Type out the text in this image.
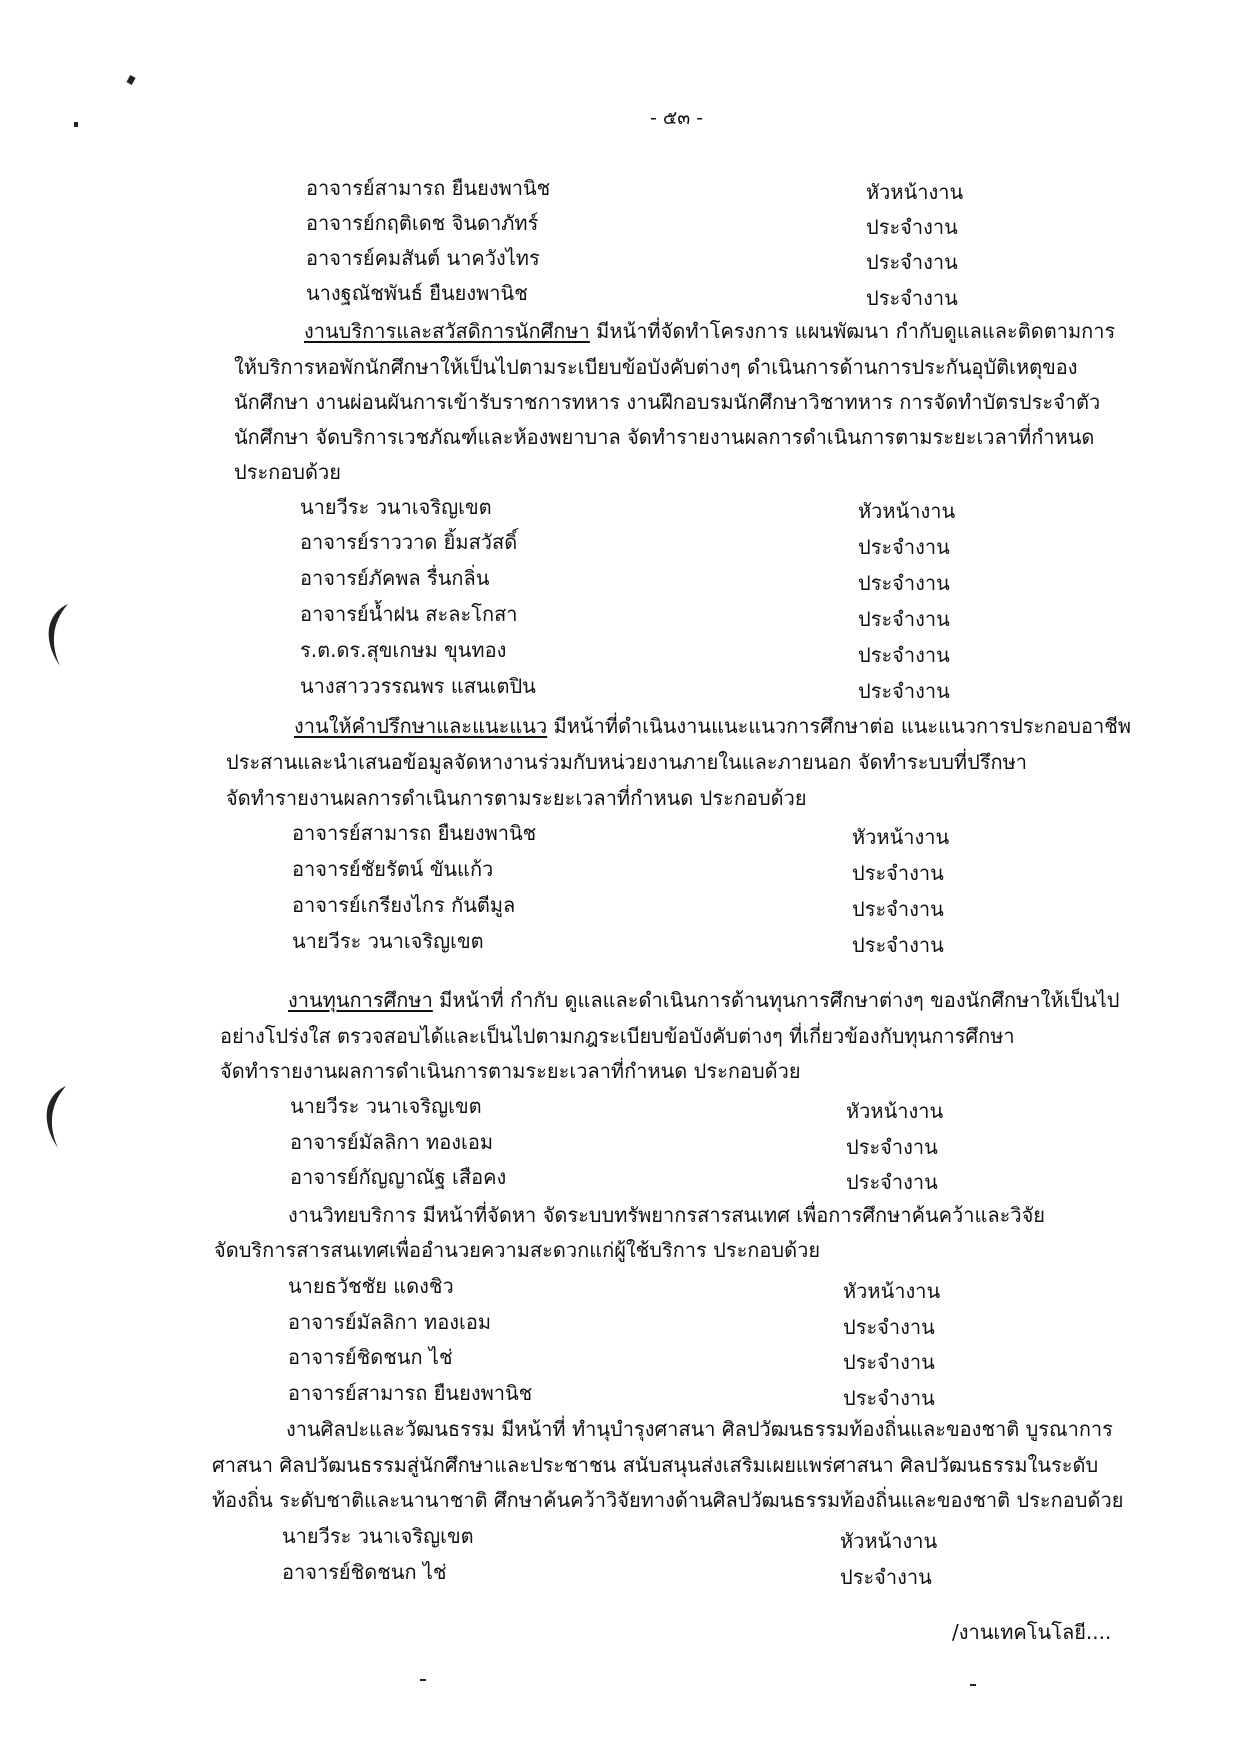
- ๕๓ -
อาจารย์สามารถ ยืนยงพานิช	หัวหน้างาน
อาจารย์กฤติเดช จินดาภัทร์	ประจำงาน
อาจารย์คมสันต์ นาควังไทร	ประจำงาน
นางฐณัชพันธ์ ยืนยงพานิช	ประจำงาน
งานบริการและสวัสดิการนักศึกษา มีหน้าที่จัดทำโครงการ แผนพัฒนา กำกับดูแลและติดตามการ
ให้บริการหอพักนักศึกษาให้เป็นไปตามระเบียบข้อบังคับต่างๆ ดำเนินการด้านการประกันอุบัติเหตุของ
นักศึกษา งานผ่อนผันการเข้ารับราชการทหาร งานฝึกอบรมนักศึกษาวิชาทหาร การจัดทำบัตรประจำตัว
นักศึกษา จัดบริการเวชภัณฑ์และห้องพยาบาล จัดทำรายงานผลการดำเนินการตามระยะเวลาที่กำหนด
ประกอบด้วย
นายวีระ วนาเจริญเขต	หัวหน้างาน
อาจารย์ราววาด ยิ้มสวัสดิ์	ประจำงาน
อาจารย์ภัคพล รื่นกลิ่น	ประจำงาน
อาจารย์น้ำฝน สะละโกสา	ประจำงาน
ร.ต.ดร.สุขเกษม ขุนทอง	ประจำงาน
นางสาววรรณพร แสนเตปิน	ประจำงาน
งานให้คำปรึกษาและแนะแนว มีหน้าที่ดำเนินงานแนะแนวการศึกษาต่อ แนะแนวการประกอบอาชีพ
ประสานและนำเสนอข้อมูลจัดหางานร่วมกับหน่วยงานภายในและภายนอก จัดทำระบบที่ปรึกษา
จัดทำรายงานผลการดำเนินการตามระยะเวลาที่กำหนด ประกอบด้วย
อาจารย์สามารถ ยืนยงพานิช	หัวหน้างาน
อาจารย์ชัยรัตน์ ขันแก้ว	ประจำงาน
อาจารย์เกรียงไกร กันตีมูล	ประจำงาน
นายวีระ วนาเจริญเขต	ประจำงาน
งานทุนการศึกษา มีหน้าที่ กำกับ ดูแลและดำเนินการด้านทุนการศึกษาต่างๆ ของนักศึกษาให้เป็นไป
อย่างโปร่งใส ตรวจสอบได้และเป็นไปตามกฎระเบียบข้อบังคับต่างๆ ที่เกี่ยวข้องกับทุนการศึกษา
จัดทำรายงานผลการดำเนินการตามระยะเวลาที่กำหนด ประกอบด้วย
นายวีระ วนาเจริญเขต	หัวหน้างาน
อาจารย์มัลลิกา ทองเอม	ประจำงาน
อาจารย์กัญญาณัฐ เสือคง	ประจำงาน
งานวิทยบริการ มีหน้าที่จัดหา จัดระบบทรัพยากรสารสนเทศ เพื่อการศึกษาค้นคว้าและวิจัย
จัดบริการสารสนเทศเพื่ออำนวยความสะดวกแก่ผู้ใช้บริการ ประกอบด้วย
นายธวัชชัย แดงชิว	หัวหน้างาน
อาจารย์มัลลิกา ทองเอม	ประจำงาน
อาจารย์ชิดชนก ไช่	ประจำงาน
อาจารย์สามารถ ยืนยงพานิช	ประจำงาน
งานศิลปะและวัฒนธรรม มีหน้าที่ ทำนุบำรุงศาสนา ศิลปวัฒนธรรมท้องถิ่นและของชาติ บูรณาการ
ศาสนา ศิลปวัฒนธรรมสู่นักศึกษาและประชาชน สนับสนุนส่งเสริมเผยแพร่ศาสนา ศิลปวัฒนธรรมในระดับ
ท้องถิ่น ระดับชาติและนานาชาติ ศึกษาค้นคว้าวิจัยทางด้านศิลปวัฒนธรรมท้องถิ่นและของชาติ ประกอบด้วย
นายวีระ วนาเจริญเขต	หัวหน้างาน
อาจารย์ชิดชนก ไช่	ประจำงาน
/งานเทคโนโลยี....
